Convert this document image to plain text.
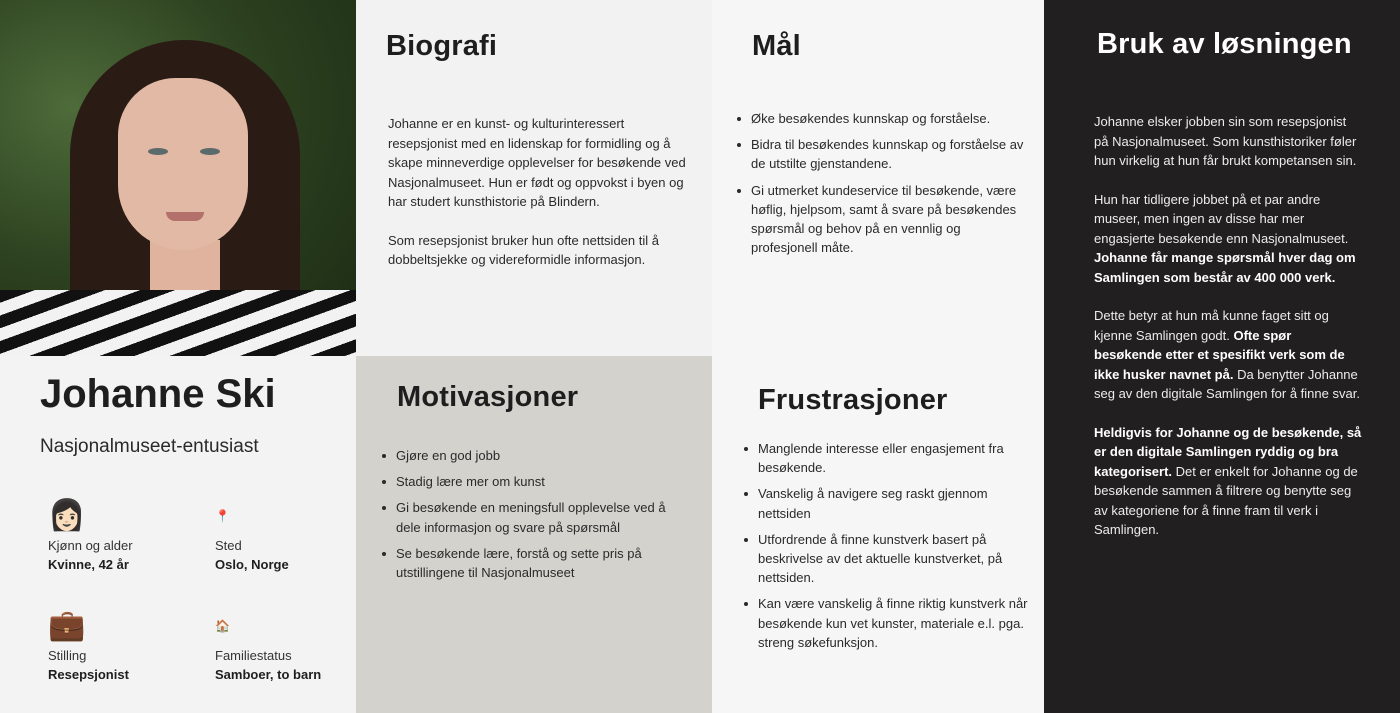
Johanne Ski
Nasjonalmuseet-entusiast
👩🏻
Kjønn og alder
Kvinne, 42 år
📍
Sted
Oslo, Norge
💼
Stilling
Resepsjonist
🏠
Familiestatus
Samboer, to barn
Biografi

Johanne er en kunst- og kulturinteressert resepsjonist med en lidenskap for formidling og å skape minneverdige opplevelser for besøkende ved Nasjonalmuseet. Hun er født og oppvokst i byen og har studert kunsthistorie på Blindern.

Som resepsjonist bruker hun ofte nettsiden til å dobbeltsjekke og videreformidle informasjon.

Motivasjoner
Gjøre en god jobb
Stadig lære mer om kunst
Gi besøkende en meningsfull opplevelse ved å dele informasjon og svare på spørsmål
Se besøkende lære, forstå og sette pris på utstillingene til Nasjonalmuseet
Mål
Øke besøkendes kunnskap og forståelse.
Bidra til besøkendes kunnskap og forståelse av de utstilte gjenstandene.
Gi utmerket kundeservice til besøkende, være høflig, hjelpsom, samt å svare på besøkendes spørsmål og behov på en vennlig og profesjonell måte.
Frustrasjoner
Manglende interesse eller engasjement fra besøkende.
Vanskelig å navigere seg raskt gjennom nettsiden
Utfordrende å finne kunstverk basert på beskrivelse av det aktuelle kunstverket, på nettsiden.
Kan være vanskelig å finne riktig kunstverk når besøkende kun vet kunster, materiale e.l. pga. streng søkefunksjon.
Bruk av løsningen

Johanne elsker jobben sin som resepsjonist på Nasjonalmuseet. Som kunsthistoriker føler hun virkelig at hun får brukt kompetansen sin.

Hun har tidligere jobbet på et par andre museer, men ingen av disse har mer engasjerte besøkende enn Nasjonalmuseet. Johanne får mange spørsmål hver dag om Samlingen som består av 400 000 verk.

Dette betyr at hun må kunne faget sitt og kjenne Samlingen godt. Ofte spør besøkende etter et spesifikt verk som de ikke husker navnet på. Da benytter Johanne seg av den digitale Samlingen for å finne svar.

Heldigvis for Johanne og de besøkende, så er den digitale Samlingen ryddig og bra kategorisert. Det er enkelt for Johanne og de besøkende sammen å filtrere og benytte seg av kategoriene for å finne fram til verk i Samlingen.
